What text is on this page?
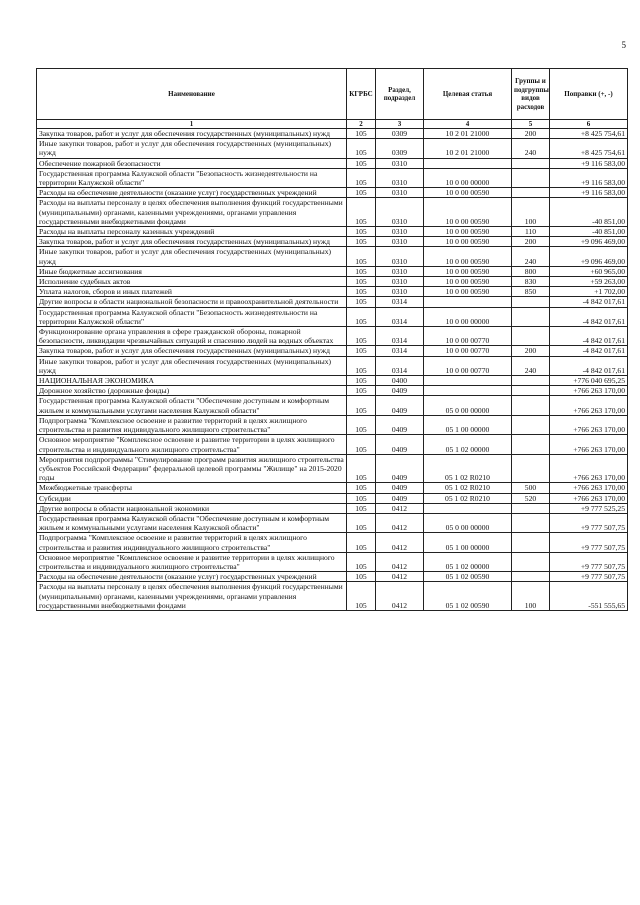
5
Наименование	КГРБС	Раздел, подраздел	Целевая статья	Группы и подгруппы видов расходов	Поправки (+, -)
1	2	3	4	5	6
Закупка товаров, работ и услуг для обеспечения государственных (муниципальных) нужд	105	0309	10 2 01 21000	200	+8 425 754,61
Иные закупки товаров, работ и услуг для обеспечения государственных (муниципальных) нужд	105	0309	10 2 01 21000	240	+8 425 754,61
Обеспечение пожарной безопасности	105	0310			+9 116 583,00
Государственная программа Калужской области "Безопасность жизнедеятельности на территории Калужской области"	105	0310	10 0 00 00000		+9 116 583,00
Расходы на обеспечение деятельности (оказание услуг) государственных учреждений	105	0310	10 0 00 00590		+9 116 583,00
Расходы на выплаты персоналу в целях обеспечения выполнения функций государственными (муниципальными) органами, казенными учреждениями, органами управления государственными внебюджетными фондами	105	0310	10 0 00 00590	100	-40 851,00
Расходы на выплаты персоналу казенных учреждений	105	0310	10 0 00 00590	110	-40 851,00
Закупка товаров, работ и услуг для обеспечения государственных (муниципальных) нужд	105	0310	10 0 00 00590	200	+9 096 469,00
Иные закупки товаров, работ и услуг для обеспечения государственных (муниципальных) нужд	105	0310	10 0 00 00590	240	+9 096 469,00
Иные бюджетные ассигнования	105	0310	10 0 00 00590	800	+60 965,00
Исполнение судебных актов	105	0310	10 0 00 00590	830	+59 263,00
Уплата налогов, сборов и иных платежей	105	0310	10 0 00 00590	850	+1 702,00
Другие вопросы в области национальной безопасности и правоохранительной деятельности	105	0314			-4 842 017,61
Государственная программа Калужской области "Безопасность жизнедеятельности на территории Калужской области"	105	0314	10 0 00 00000		-4 842 017,61
Функционирование органа управления в сфере гражданской обороны, пожарной безопасности, ликвидации чрезвычайных ситуаций и спасению людей на водных объектах	105	0314	10 0 00 00770		-4 842 017,61
Закупка товаров, работ и услуг для обеспечения государственных (муниципальных) нужд	105	0314	10 0 00 00770	200	-4 842 017,61
Иные закупки товаров, работ и услуг для обеспечения государственных (муниципальных) нужд	105	0314	10 0 00 00770	240	-4 842 017,61
НАЦИОНАЛЬНАЯ ЭКОНОМИКА	105	0400			+776 040 695,25
Дорожное хозяйство (дорожные фонды)	105	0409			+766 263 170,00
Государственная программа Калужской области "Обеспечение доступным и комфортным жильем и коммунальными услугами населения Калужской области"	105	0409	05 0 00 00000		+766 263 170,00
Подпрограмма "Комплексное освоение и развитие территорий в целях жилищного строительства и развития индивидуального жилищного строительства"	105	0409	05 1 00 00000		+766 263 170,00
Основное мероприятие "Комплексное освоение и развитие территории в целях жилищного строительства и индивидуального жилищного строительства"	105	0409	05 1 02 00000		+766 263 170,00
Мероприятия подпрограммы "Стимулирование программ развития жилищного строительства субъектов Российской Федерации" федеральной целевой программы "Жилище" на 2015-2020 годы	105	0409	05 1 02 R0210		+766 263 170,00
Межбюджетные трансферты	105	0409	05 1 02 R0210	500	+766 263 170,00
Субсидии	105	0409	05 1 02 R0210	520	+766 263 170,00
Другие вопросы в области национальной экономики	105	0412			+9 777 525,25
Государственная программа Калужской области "Обеспечение доступным и комфортным жильем и коммунальными услугами населения Калужской области"	105	0412	05 0 00 00000		+9 777 507,75
Подпрограмма "Комплексное освоение и развитие территорий в целях жилищного строительства и развития индивидуального жилищного строительства"	105	0412	05 1 00 00000		+9 777 507,75
Основное мероприятие "Комплексное освоение и развитие территории в целях жилищного строительства и индивидуального жилищного строительства"	105	0412	05 1 02 00000		+9 777 507,75
Расходы на обеспечение деятельности (оказание услуг) государственных учреждений	105	0412	05 1 02 00590		+9 777 507,75
Расходы на выплаты персоналу в целях обеспечения выполнения функций государственными (муниципальными) органами, казенными учреждениями, органами управления государственными внебюджетными фондами	105	0412	05 1 02 00590	100	-551 555,65
